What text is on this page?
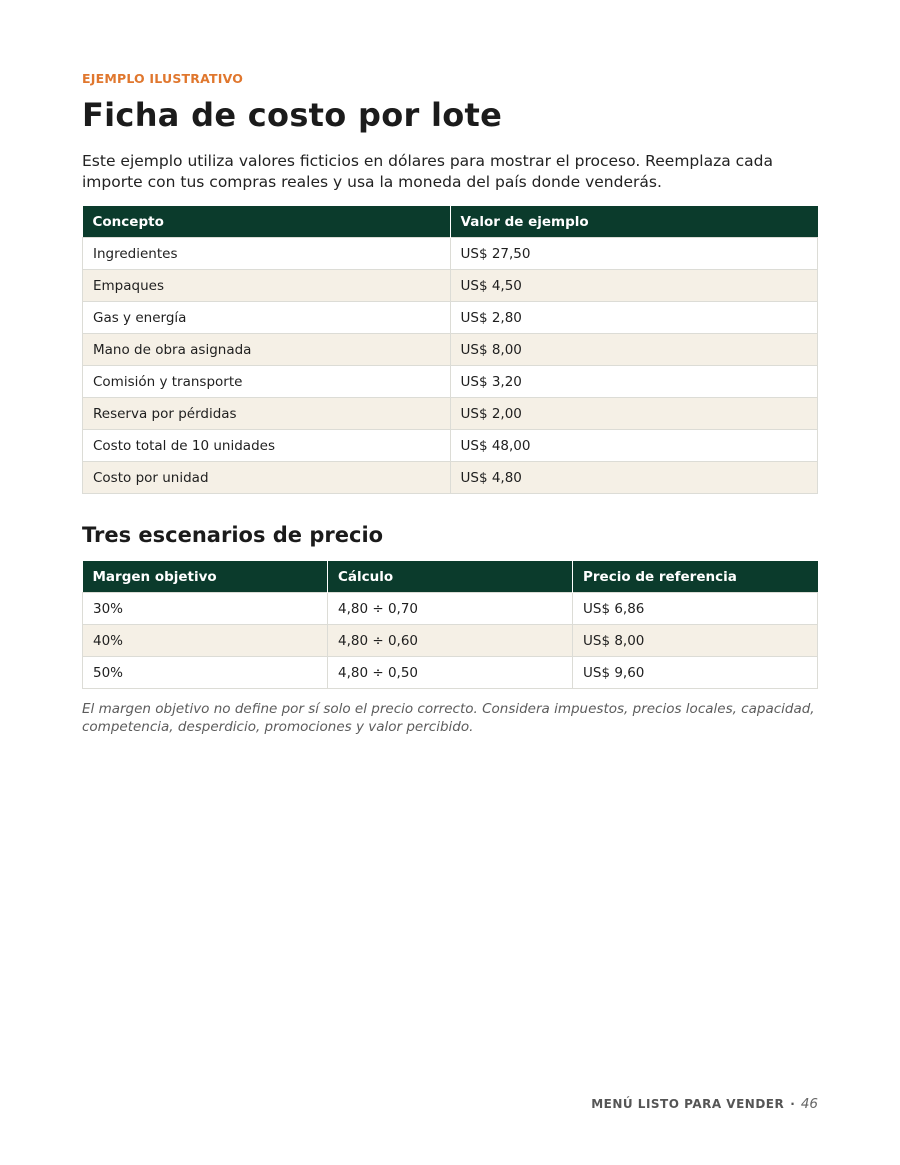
EJEMPLO ILUSTRATIVO
Ficha de costo por lote
Este ejemplo utiliza valores ficticios en dólares para mostrar el proceso. Reemplaza cada importe con tus compras reales y usa la moneda del país donde venderás.
Concepto	Valor de ejemplo
Ingredientes	US$ 27,50
Empaques	US$ 4,50
Gas y energía	US$ 2,80
Mano de obra asignada	US$ 8,00
Comisión y transporte	US$ 3,20
Reserva por pérdidas	US$ 2,00
Costo total de 10 unidades	US$ 48,00
Costo por unidad	US$ 4,80
Tres escenarios de precio
Margen objetivo	Cálculo	Precio de referencia
30%	4,80 ÷ 0,70	US$ 6,86
40%	4,80 ÷ 0,60	US$ 8,00
50%	4,80 ÷ 0,50	US$ 9,60
El margen objetivo no define por sí solo el precio correcto. Considera impuestos, precios locales, capacidad, competencia, desperdicio, promociones y valor percibido.
MENÚ LISTO PARA VENDER · 46
